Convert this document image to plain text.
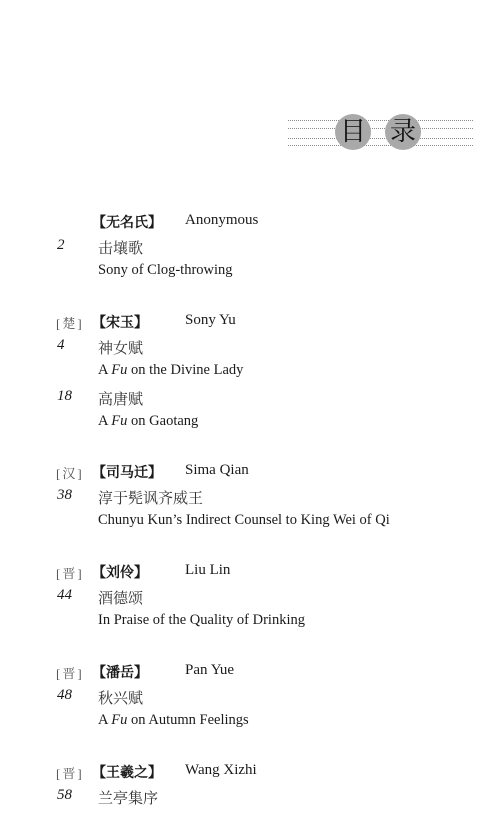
目 录
【无名氏】 Anonymous
2 击壤歌
Sony of Clog-throwing
[楚] 【宋玉】 Sony Yu
4 神女赋
A Fu on the Divine Lady
18 高唐赋
A Fu on Gaotang
[汉] 【司马迁】 Sima Qian
38 淳于髡讽齐威王
Chunyu Kun’s Indirect Counsel to King Wei of Qi
[晋] 【刘伶】 Liu Lin
44 酒德颂
In Praise of the Quality of Drinking
[晋] 【潘岳】 Pan Yue
48 秋兴赋
A Fu on Autumn Feelings
[晋] 【王羲之】 Wang Xizhi
58 兰亭集序
